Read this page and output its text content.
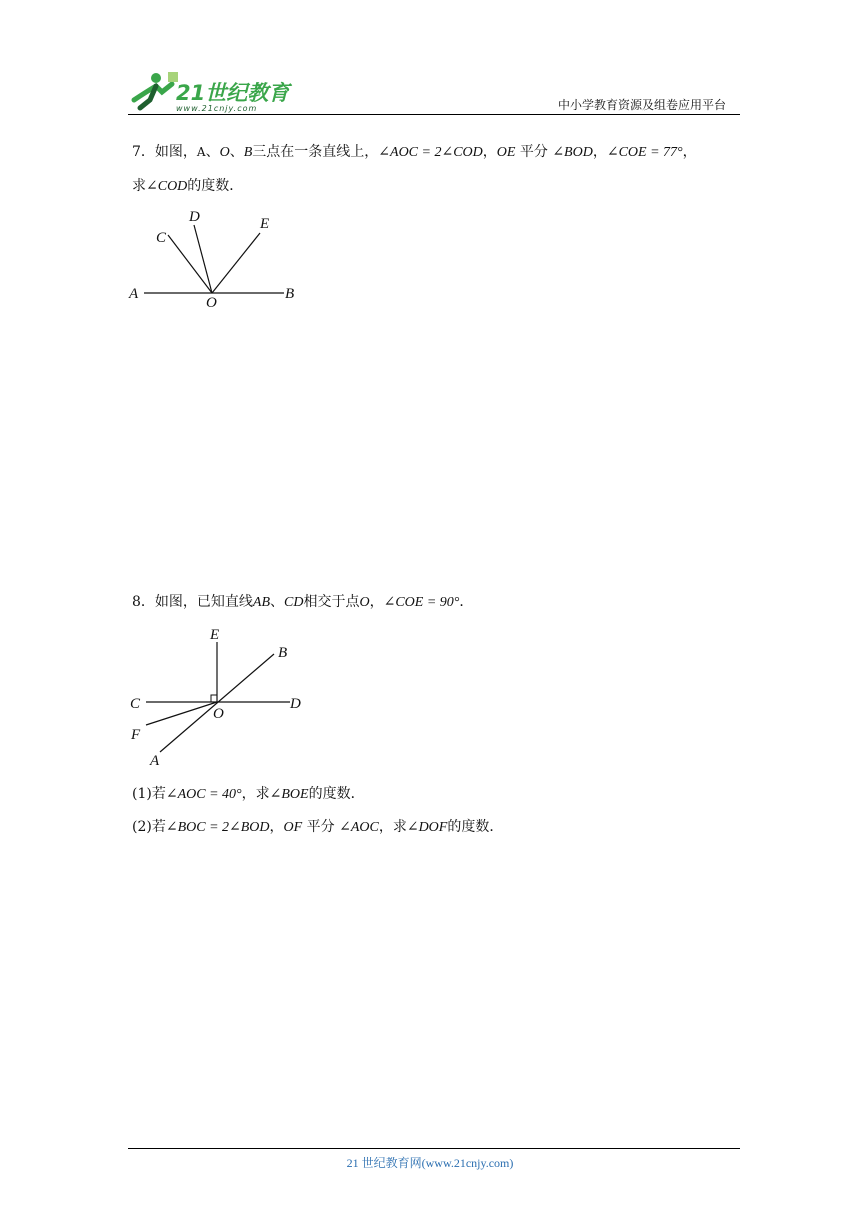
21世纪教育
www.21cnjy.com	中小学教育资源及组卷应用平台
7．如图，A、O、B三点在一条直线上，∠AOC = 2∠COD，OE 平分 ∠BOD，∠COE = 77°，
求∠COD的度数．
A	B
O
C
D	E
8．如图，已知直线AB、CD相交于点O，∠COE = 90°．
E
B
C	D
O
F
A
(1)若∠AOC = 40°，求∠BOE的度数．
(2)若∠BOC = 2∠BOD，OF 平分 ∠AOC，求∠DOF的度数．
21 世纪教育网(www.21cnjy.com)
